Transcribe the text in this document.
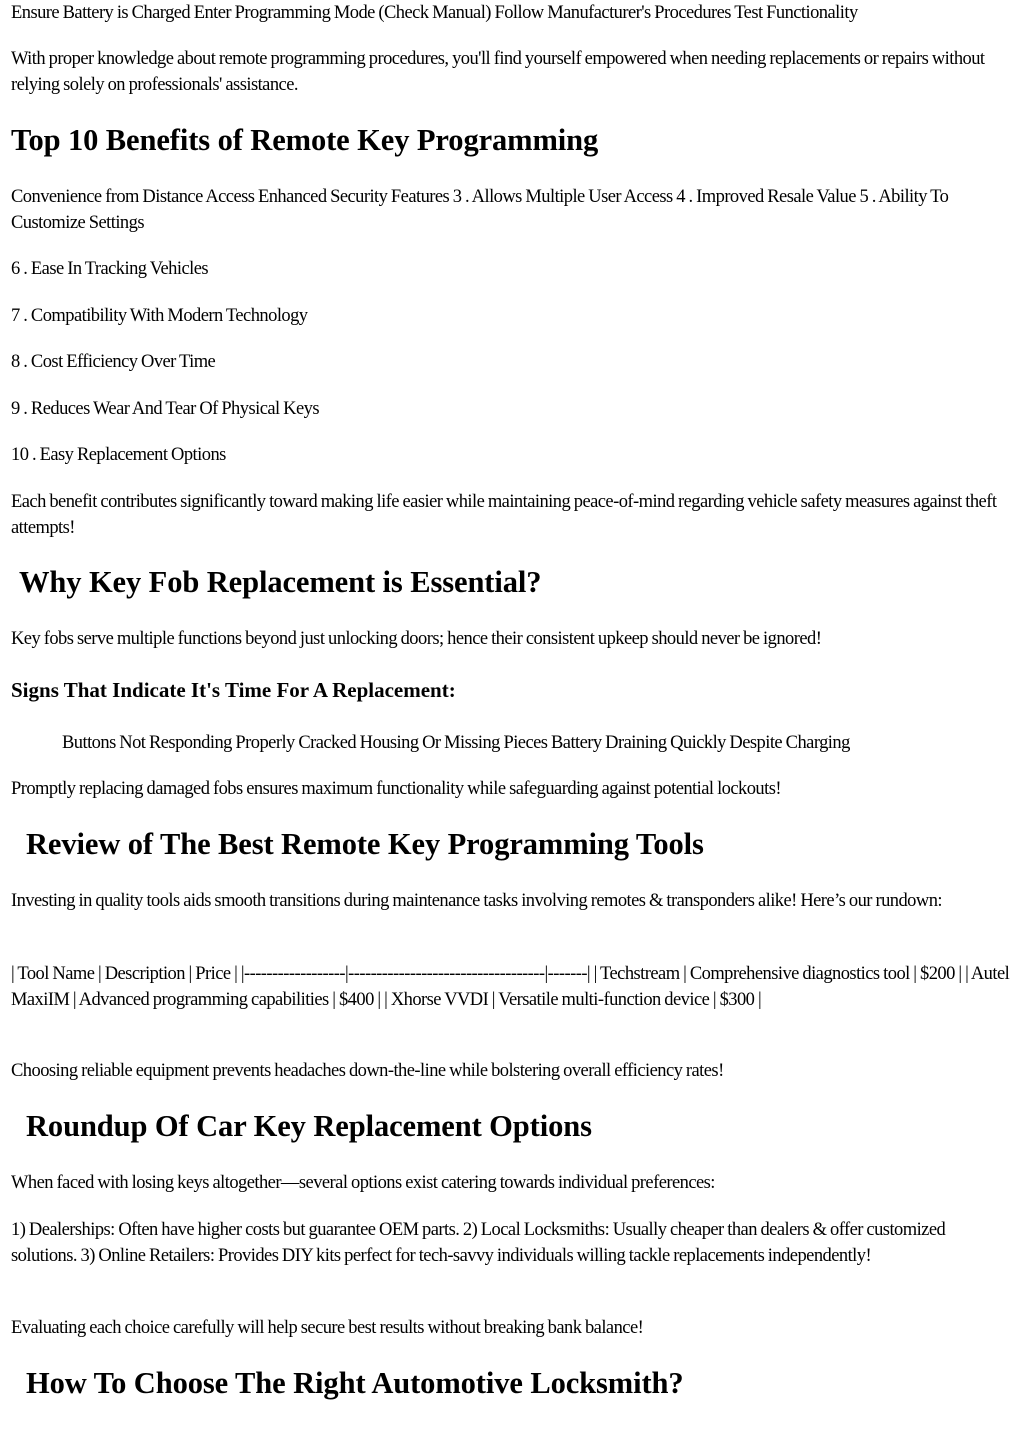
Ensure Battery is Charged Enter Programming Mode (Check Manual) Follow Manufacturer's Procedures Test Functionality

With proper knowledge about remote programming procedures, you'll find yourself empowered when needing replacements or repairs without relying solely on professionals' assistance.

Top 10 Benefits of Remote Key Programming

Convenience from Distance Access Enhanced Security Features 3 . Allows Multiple User Access 4 . Improved Resale Value 5 . Ability To Customize Settings

6 . Ease In Tracking Vehicles

7 . Compatibility With Modern Technology

8 . Cost Efficiency Over Time

9 . Reduces Wear And Tear Of Physical Keys

10 . Easy Replacement Options

Each benefit contributes significantly toward making life easier while maintaining peace-of-mind regarding vehicle safety measures against theft attempts!

Why Key Fob Replacement is Essential?

Key fobs serve multiple functions beyond just unlocking doors; hence their consistent upkeep should never be ignored!

Signs That Indicate It's Time For A Replacement:

Buttons Not Responding Properly Cracked Housing Or Missing Pieces Battery Draining Quickly Despite Charging

Promptly replacing damaged fobs ensures maximum functionality while safeguarding against potential lockouts!

Review of The Best Remote Key Programming Tools

Investing in quality tools aids smooth transitions during maintenance tasks involving remotes & transponders alike! Here’s our rundown:

| Tool Name | Description | Price | |------------------|-----------------------------------|-------| | Techstream | Comprehensive diagnostics tool | $200 | | Autel MaxiIM | Advanced programming capabilities | $400 | | Xhorse VVDI | Versatile multi-function device | $300 |

Choosing reliable equipment prevents headaches down-the-line while bolstering overall efficiency rates!

Roundup Of Car Key Replacement Options

When faced with losing keys altogether—several options exist catering towards individual preferences:

1) Dealerships: Often have higher costs but guarantee OEM parts. 2) Local Locksmiths: Usually cheaper than dealers & offer customized solutions. 3) Online Retailers: Provides DIY kits perfect for tech-savvy individuals willing tackle replacements independently!

Evaluating each choice carefully will help secure best results without breaking bank balance!

How To Choose The Right Automotive Locksmith?
